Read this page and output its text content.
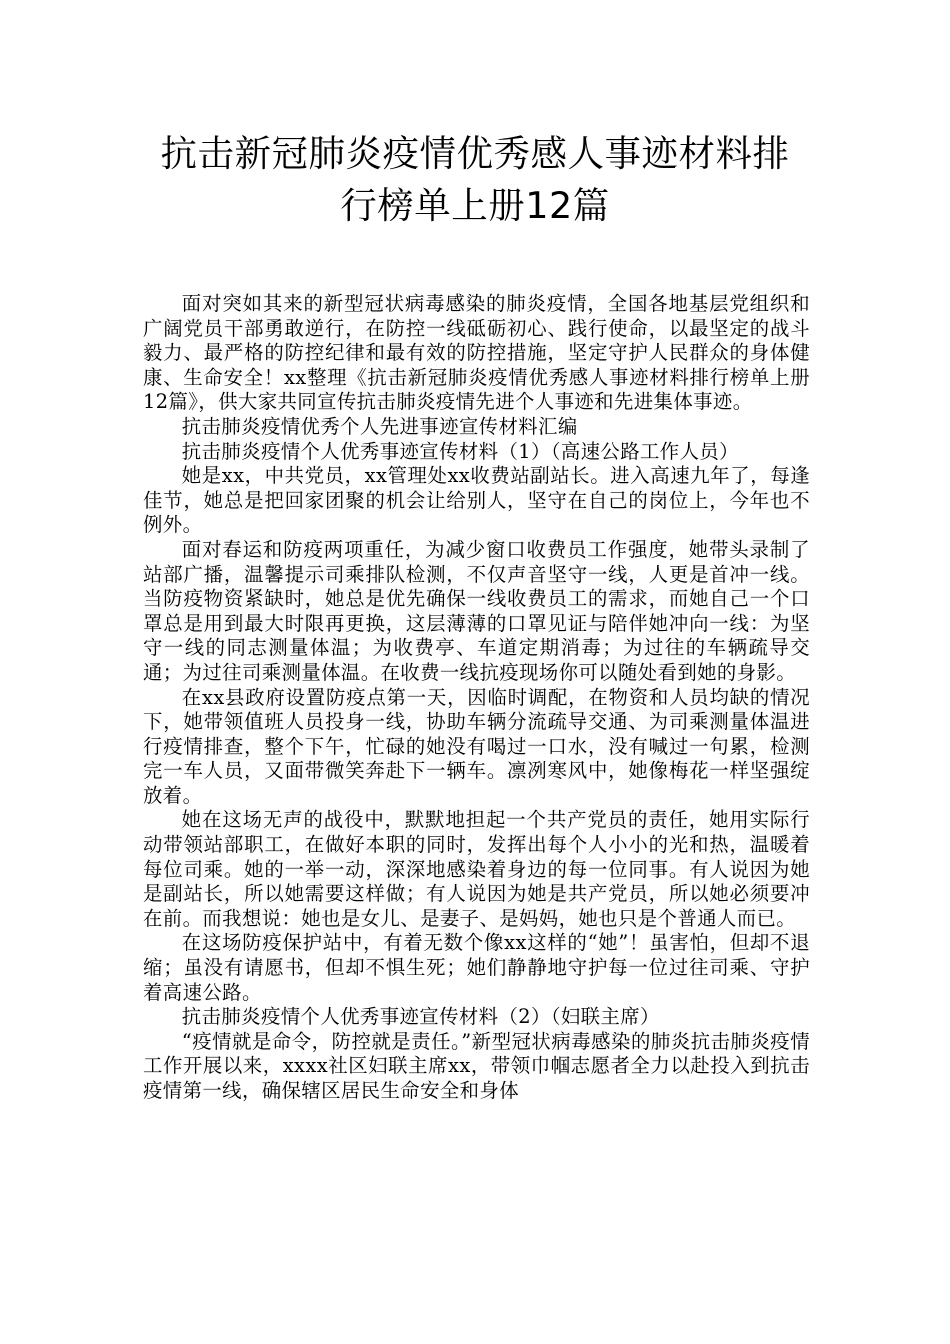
抗击新冠肺炎疫情优秀感人事迹材料排
行榜单上册12篇

面对突如其来的新型冠状病毒感染的肺炎疫情，全国各地基层党组织和广阔党员干部勇敢逆行，在防控一线砥砺初心、践行使命，以最坚定的战斗毅力、最严格的防控纪律和最有效的防控措施，坚定守护人民群众的身体健康、生命安全！xx整理《抗击新冠肺炎疫情优秀感人事迹材料排行榜单上册12篇》，供大家共同宣传抗击肺炎疫情先进个人事迹和先进集体事迹。

抗击肺炎疫情优秀个人先进事迹宣传材料汇编

抗击肺炎疫情个人优秀事迹宣传材料（1）（高速公路工作人员）

她是xx，中共党员，xx管理处xx收费站副站长。进入高速九年了，每逢佳节，她总是把回家团聚的机会让给别人，坚守在自己的岗位上，今年也不例外。

面对春运和防疫两项重任，为减少窗口收费员工作强度，她带头录制了站部广播，温馨提示司乘排队检测，不仅声音坚守一线，人更是首冲一线。当防疫物资紧缺时，她总是优先确保一线收费员工的需求，而她自己一个口罩总是用到最大时限再更换，这层薄薄的口罩见证与陪伴她冲向一线：为坚守一线的同志测量体温；为收费亭、车道定期消毒；为过往的车辆疏导交通；为过往司乘测量体温。在收费一线抗疫现场你可以随处看到她的身影。

在xx县政府设置防疫点第一天，因临时调配，在物资和人员均缺的情况下，她带领值班人员投身一线，协助车辆分流疏导交通、为司乘测量体温进行疫情排查，整个下午，忙碌的她没有喝过一口水，没有喊过一句累，检测完一车人员，又面带微笑奔赴下一辆车。凛冽寒风中，她像梅花一样坚强绽放着。

她在这场无声的战役中，默默地担起一个共产党员的责任，她用实际行动带领站部职工，在做好本职的同时，发挥出每个人小小的光和热，温暖着每位司乘。她的一举一动，深深地感染着身边的每一位同事。有人说因为她是副站长，所以她需要这样做；有人说因为她是共产党员，所以她必须要冲在前。而我想说：她也是女儿、是妻子、是妈妈，她也只是个普通人而已。

在这场防疫保护站中，有着无数个像xx这样的“她”！虽害怕，但却不退缩；虽没有请愿书，但却不惧生死；她们静静地守护每一位过往司乘、守护着高速公路。

抗击肺炎疫情个人优秀事迹宣传材料（2）（妇联主席）

“疫情就是命令，防控就是责任。”新型冠状病毒感染的肺炎抗击肺炎疫情工作开展以来，xxxx社区妇联主席xx，带领巾帼志愿者全力以赴投入到抗击疫情第一线，确保辖区居民生命安全和身体
